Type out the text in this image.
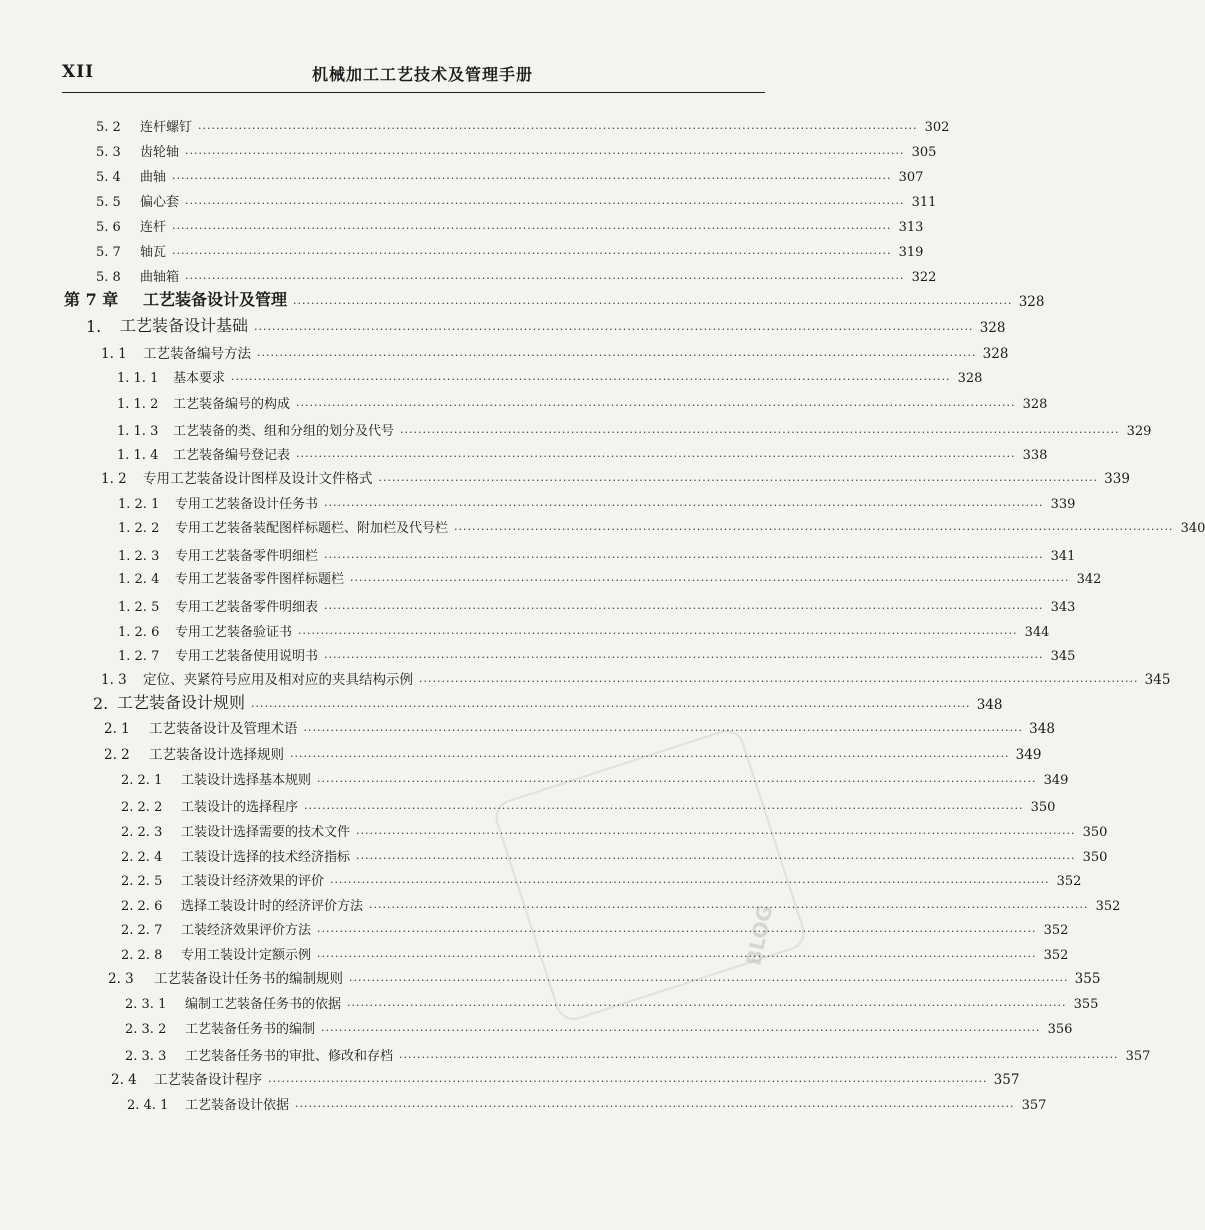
XII	机械加工工艺技术及管理手册
BLOG
5. 2	连杆螺钉 ································································································································································ 302
5. 3	齿轮轴 ································································································································································ 305
5. 4	曲轴 ································································································································································ 307
5. 5	偏心套 ································································································································································ 311
5. 6	连杆 ································································································································································ 313
5. 7	轴瓦 ································································································································································ 319
5. 8	曲轴箱 ································································································································································ 322
第 7 章	工艺装备设计及管理 ································································································································································ 328
1.	工艺装备设计基础 ································································································································································ 328
1. 1	工艺装备编号方法 ································································································································································ 328
1. 1. 1	基本要求 ································································································································································ 328
1. 1. 2	工艺装备编号的构成 ································································································································································ 328
1. 1. 3	工艺装备的类、组和分组的划分及代号 ································································································································································ 329
1. 1. 4	工艺装备编号登记表 ································································································································································ 338
1. 2	专用工艺装备设计图样及设计文件格式 ································································································································································ 339
1. 2. 1	专用工艺装备设计任务书 ································································································································································ 339
1. 2. 2	专用工艺装备装配图样标题栏、附加栏及代号栏 ································································································································································ 340
1. 2. 3	专用工艺装备零件明细栏 ································································································································································ 341
1. 2. 4	专用工艺装备零件图样标题栏 ································································································································································ 342
1. 2. 5	专用工艺装备零件明细表 ································································································································································ 343
1. 2. 6	专用工艺装备验证书 ································································································································································ 344
1. 2. 7	专用工艺装备使用说明书 ································································································································································ 345
1. 3	定位、夹紧符号应用及相对应的夹具结构示例 ································································································································································ 345
2. 工艺装备设计规则 ································································································································································ 348
2. 1	工艺装备设计及管理术语 ································································································································································ 348
2. 2	工艺装备设计选择规则 ································································································································································ 349
2. 2. 1	工装设计选择基本规则 ································································································································································ 349
2. 2. 2	工装设计的选择程序 ································································································································································ 350
2. 2. 3	工装设计选择需要的技术文件 ································································································································································ 350
2. 2. 4	工装设计选择的技术经济指标 ································································································································································ 350
2. 2. 5	工装设计经济效果的评价 ································································································································································ 352
2. 2. 6	选择工装设计时的经济评价方法 ································································································································································ 352
2. 2. 7	工装经济效果评价方法 ································································································································································ 352
2. 2. 8	专用工装设计定额示例 ································································································································································ 352
2. 3	工艺装备设计任务书的编制规则 ································································································································································ 355
2. 3. 1	编制工艺装备任务书的依据 ································································································································································ 355
2. 3. 2	工艺装备任务书的编制 ································································································································································ 356
2. 3. 3	工艺装备任务书的审批、修改和存档 ································································································································································ 357
2. 4	工艺装备设计程序 ································································································································································ 357
2. 4. 1	工艺装备设计依据 ································································································································································ 357
